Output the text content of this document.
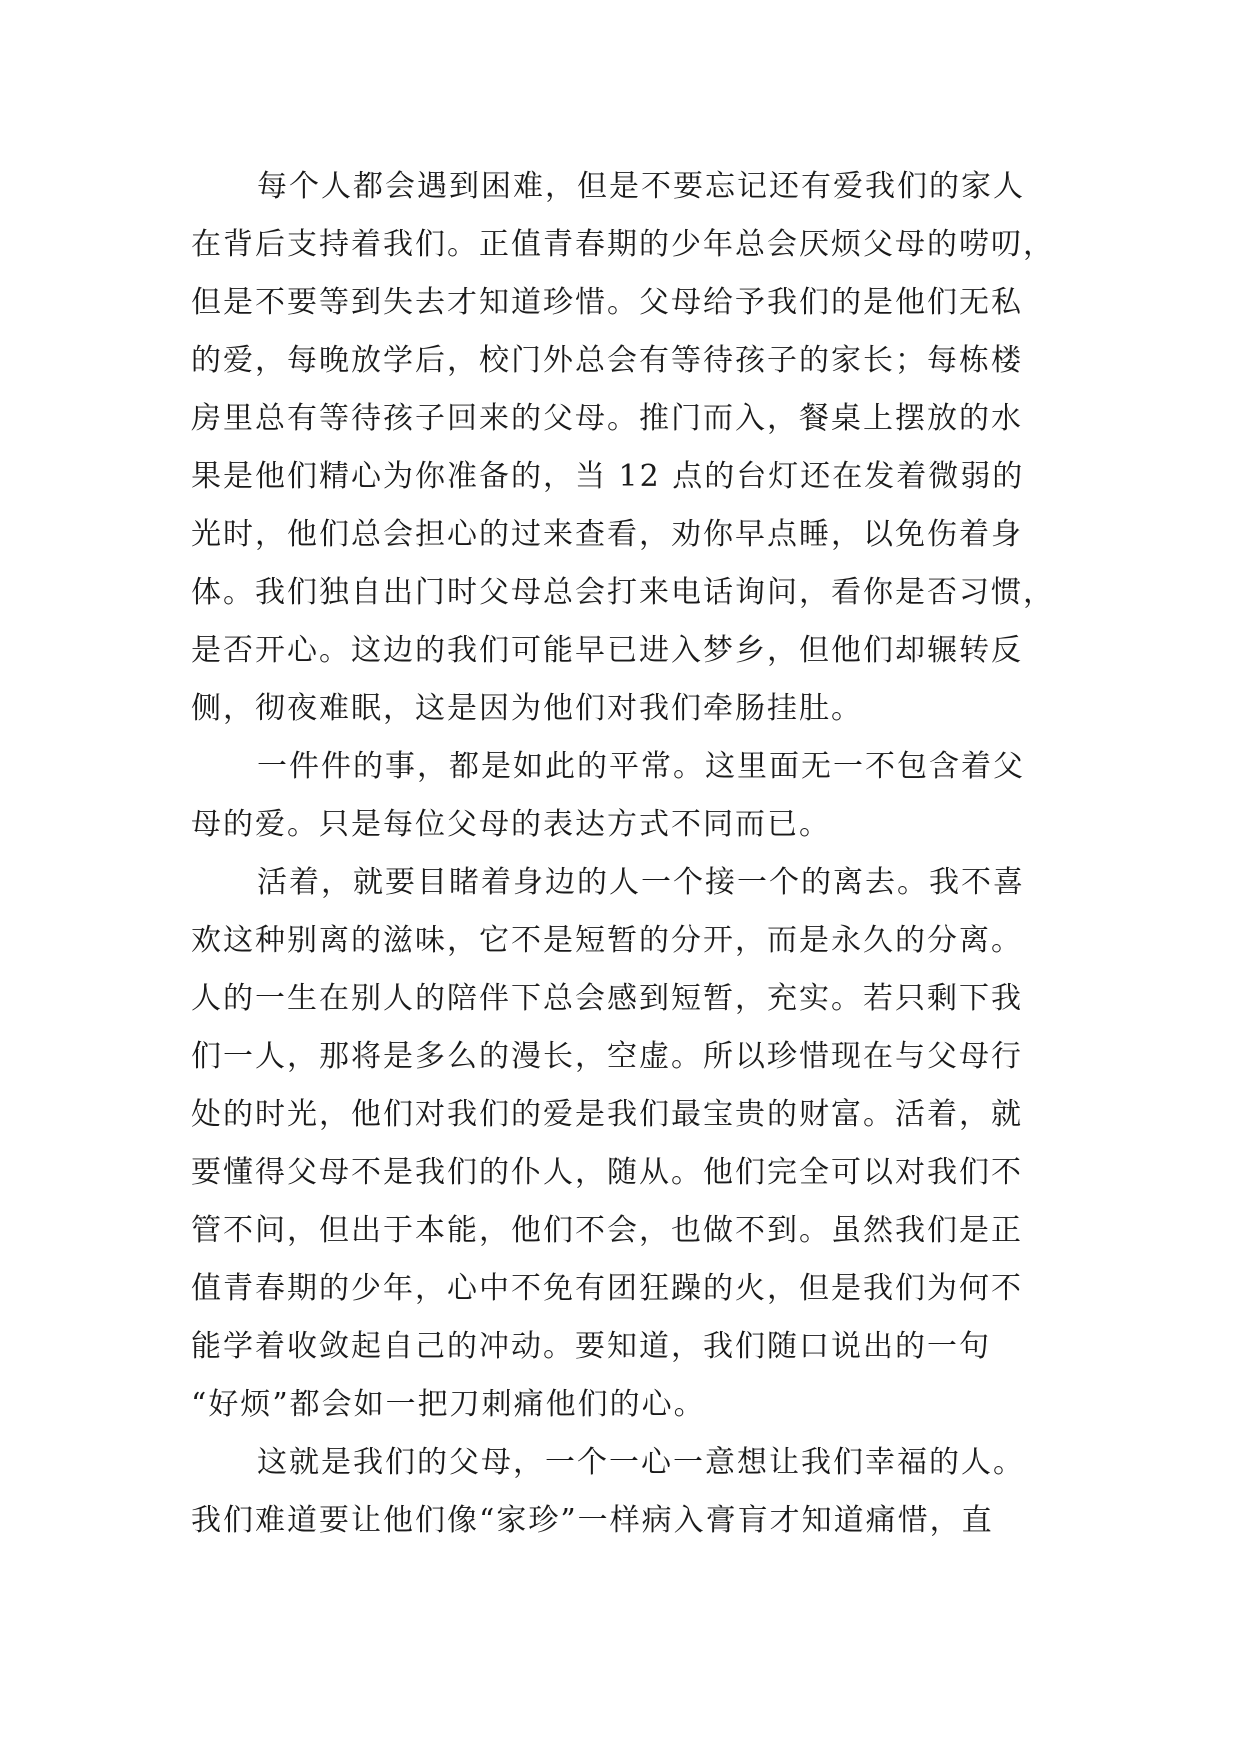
每个人都会遇到困难，但是不要忘记还有爱我们的家人
在背后支持着我们。正值青春期的少年总会厌烦父母的唠叨，
但是不要等到失去才知道珍惜。父母给予我们的是他们无私
的爱，每晚放学后，校门外总会有等待孩子的家长；每栋楼
房里总有等待孩子回来的父母。推门而入，餐桌上摆放的水
果是他们精心为你准备的，当 12 点的台灯还在发着微弱的
光时，他们总会担心的过来查看，劝你早点睡，以免伤着身
体。我们独自出门时父母总会打来电话询问，看你是否习惯，
是否开心。这边的我们可能早已进入梦乡，但他们却辗转反
侧，彻夜难眠，这是因为他们对我们牵肠挂肚。
一件件的事，都是如此的平常。这里面无一不包含着父
母的爱。只是每位父母的表达方式不同而已。
活着，就要目睹着身边的人一个接一个的离去。我不喜
欢这种别离的滋味，它不是短暂的分开，而是永久的分离。
人的一生在别人的陪伴下总会感到短暂，充实。若只剩下我
们一人，那将是多么的漫长，空虚。所以珍惜现在与父母行
处的时光，他们对我们的爱是我们最宝贵的财富。活着，就
要懂得父母不是我们的仆人，随从。他们完全可以对我们不
管不问，但出于本能，他们不会，也做不到。虽然我们是正
值青春期的少年，心中不免有团狂躁的火，但是我们为何不
能学着收敛起自己的冲动。要知道，我们随口说出的一句
“好烦”都会如一把刀刺痛他们的心。
这就是我们的父母，一个一心一意想让我们幸福的人。
我们难道要让他们像“家珍”一样病入膏肓才知道痛惜，直
